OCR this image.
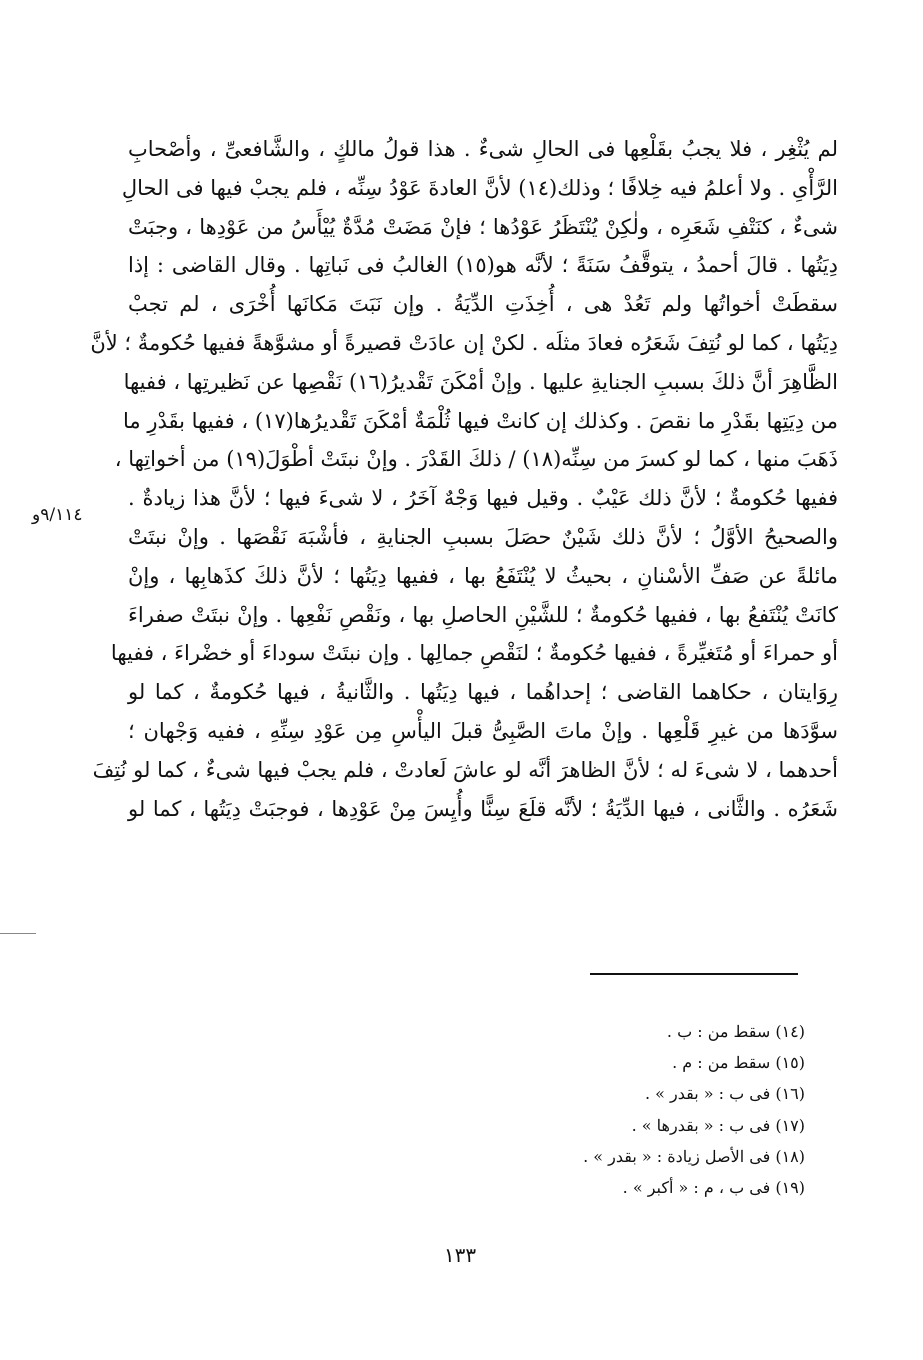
لم يُثْغِر ، فلا يجبُ بقَلْعِها فى الحالِ شىءٌ . هذا قولُ مالكٍ ، والشَّافعىِّ ، وأصْحابِ
الرَّأْىِ . ولا أعلمُ فيه خِلافًا ؛ وذلك(١٤) لأنَّ العادةَ عَوْدُ سِنِّه ، فلم يجبْ فيها فى الحالِ
شىءٌ ، كنَتْفِ شَعَرِه ، ولٰكِنْ يُنْتَظَرُ عَوْدُها ؛ فإنْ مَضَتْ مُدَّةٌ يُيْأَسُ من عَوْدِها ، وجبَتْ
دِيَتُها . قالَ أحمدُ ، يتوقَّفُ سَنَةً ؛ لأنَّه هو(١٥) الغالبُ فى نَباتِها . وقال القاضى : إذا
سقطَتْ أخواتُها ولم تَعُدْ هى ، أُخِذَتِ الدِّيَةُ . وإن نَبَتَ مَكانَها أُخْرَى ، لم تجبْ
دِيَتُها ، كما لو نُتِفَ شَعَرُه فعادَ مثلَه . لكنْ إن عادَتْ قصيرةً أو مشوَّهةً ففيها حُكومةٌ ؛ لأنَّ
الظَّاهِرَ أنَّ ذلكَ بسببِ الجنايةِ عليها . وإنْ أمْكَنَ تَقْديرُ(١٦) نَقْصِها عن نَظيرتِها ، ففيها
من دِيَتِها بقَدْرِ ما نقصَ . وكذلك إن كانتْ فيها ثُلْمَةٌ أمْكَنَ تَقْديرُها(١٧) ، ففيها بقَدْرِ ما
ذَهَبَ منها ، كما لو كسرَ من سِنِّه(١٨) / ذلكَ القَدْرَ . وإنْ نبتَتْ أطْوَلَ(١٩) من أخواتِها ،
ففيها حُكومةٌ ؛ لأنَّ ذلك عَيْبٌ . وقيل فيها وَجْهٌ آخَرُ ، لا شىءَ فيها ؛ لأنَّ هذا زيادةٌ .
والصحيحُ الأوَّلُ ؛ لأنَّ ذلك شَيْنٌ حصَلَ بسببِ الجنايةِ ، فأشْبَهَ نَقْصَها . وإنْ نبتَتْ
مائلةً عن صَفِّ الأسْنانِ ، بحيثُ لا يُنْتَفَعُ بها ، ففيها دِيَتُها ؛ لأنَّ ذلكَ كذَهابِها ، وإنْ
كانَتْ يُنْتَفعُ بها ، ففيها حُكومةٌ ؛ للشَّيْنِ الحاصلِ بها ، ونَقْصِ نَفْعِها . وإنْ نبتَتْ صفراءَ
أو حمراءَ أو مُتَغيِّرةً ، ففيها حُكومةٌ ؛ لنَقْصِ جمالِها . وإن نبتَتْ سوداءَ أو خضْراءَ ، ففيها
رِوَايتان ، حكاهما القاضى ؛ إحداهُما ، فيها دِيَتُها . والثَّانيةُ ، فيها حُكومةٌ ، كما لو
سوَّدَها من غيرِ قَلْعِها . وإنْ ماتَ الصَّبِىُّ قبلَ اليأْسِ مِن عَوْدِ سِنِّهِ ، ففيه وَجْهان ؛
أحدهما ، لا شىءَ له ؛ لأنَّ الظاهرَ أنَّه لو عاشَ لَعادتْ ، فلم يجبْ فيها شىءٌ ، كما لو نُتِفَ
شَعَرُه . والثَّانى ، فيها الدِّيَةُ ؛ لأنَّه قلَعَ سِنًّا وأُيِسَ مِنْ عَوْدِها ، فوجبَتْ دِيَتُها ، كما لو
٩/١١٤و
(١٤) سقط من : ب .
(١٥) سقط من : م .
(١٦) فى ب : « بقدر » .
(١٧) فى ب : « بقدرها » .
(١٨) فى الأصل زيادة : « بقدر » .
(١٩) فى ب ، م : « أكبر » .
١٣٣
